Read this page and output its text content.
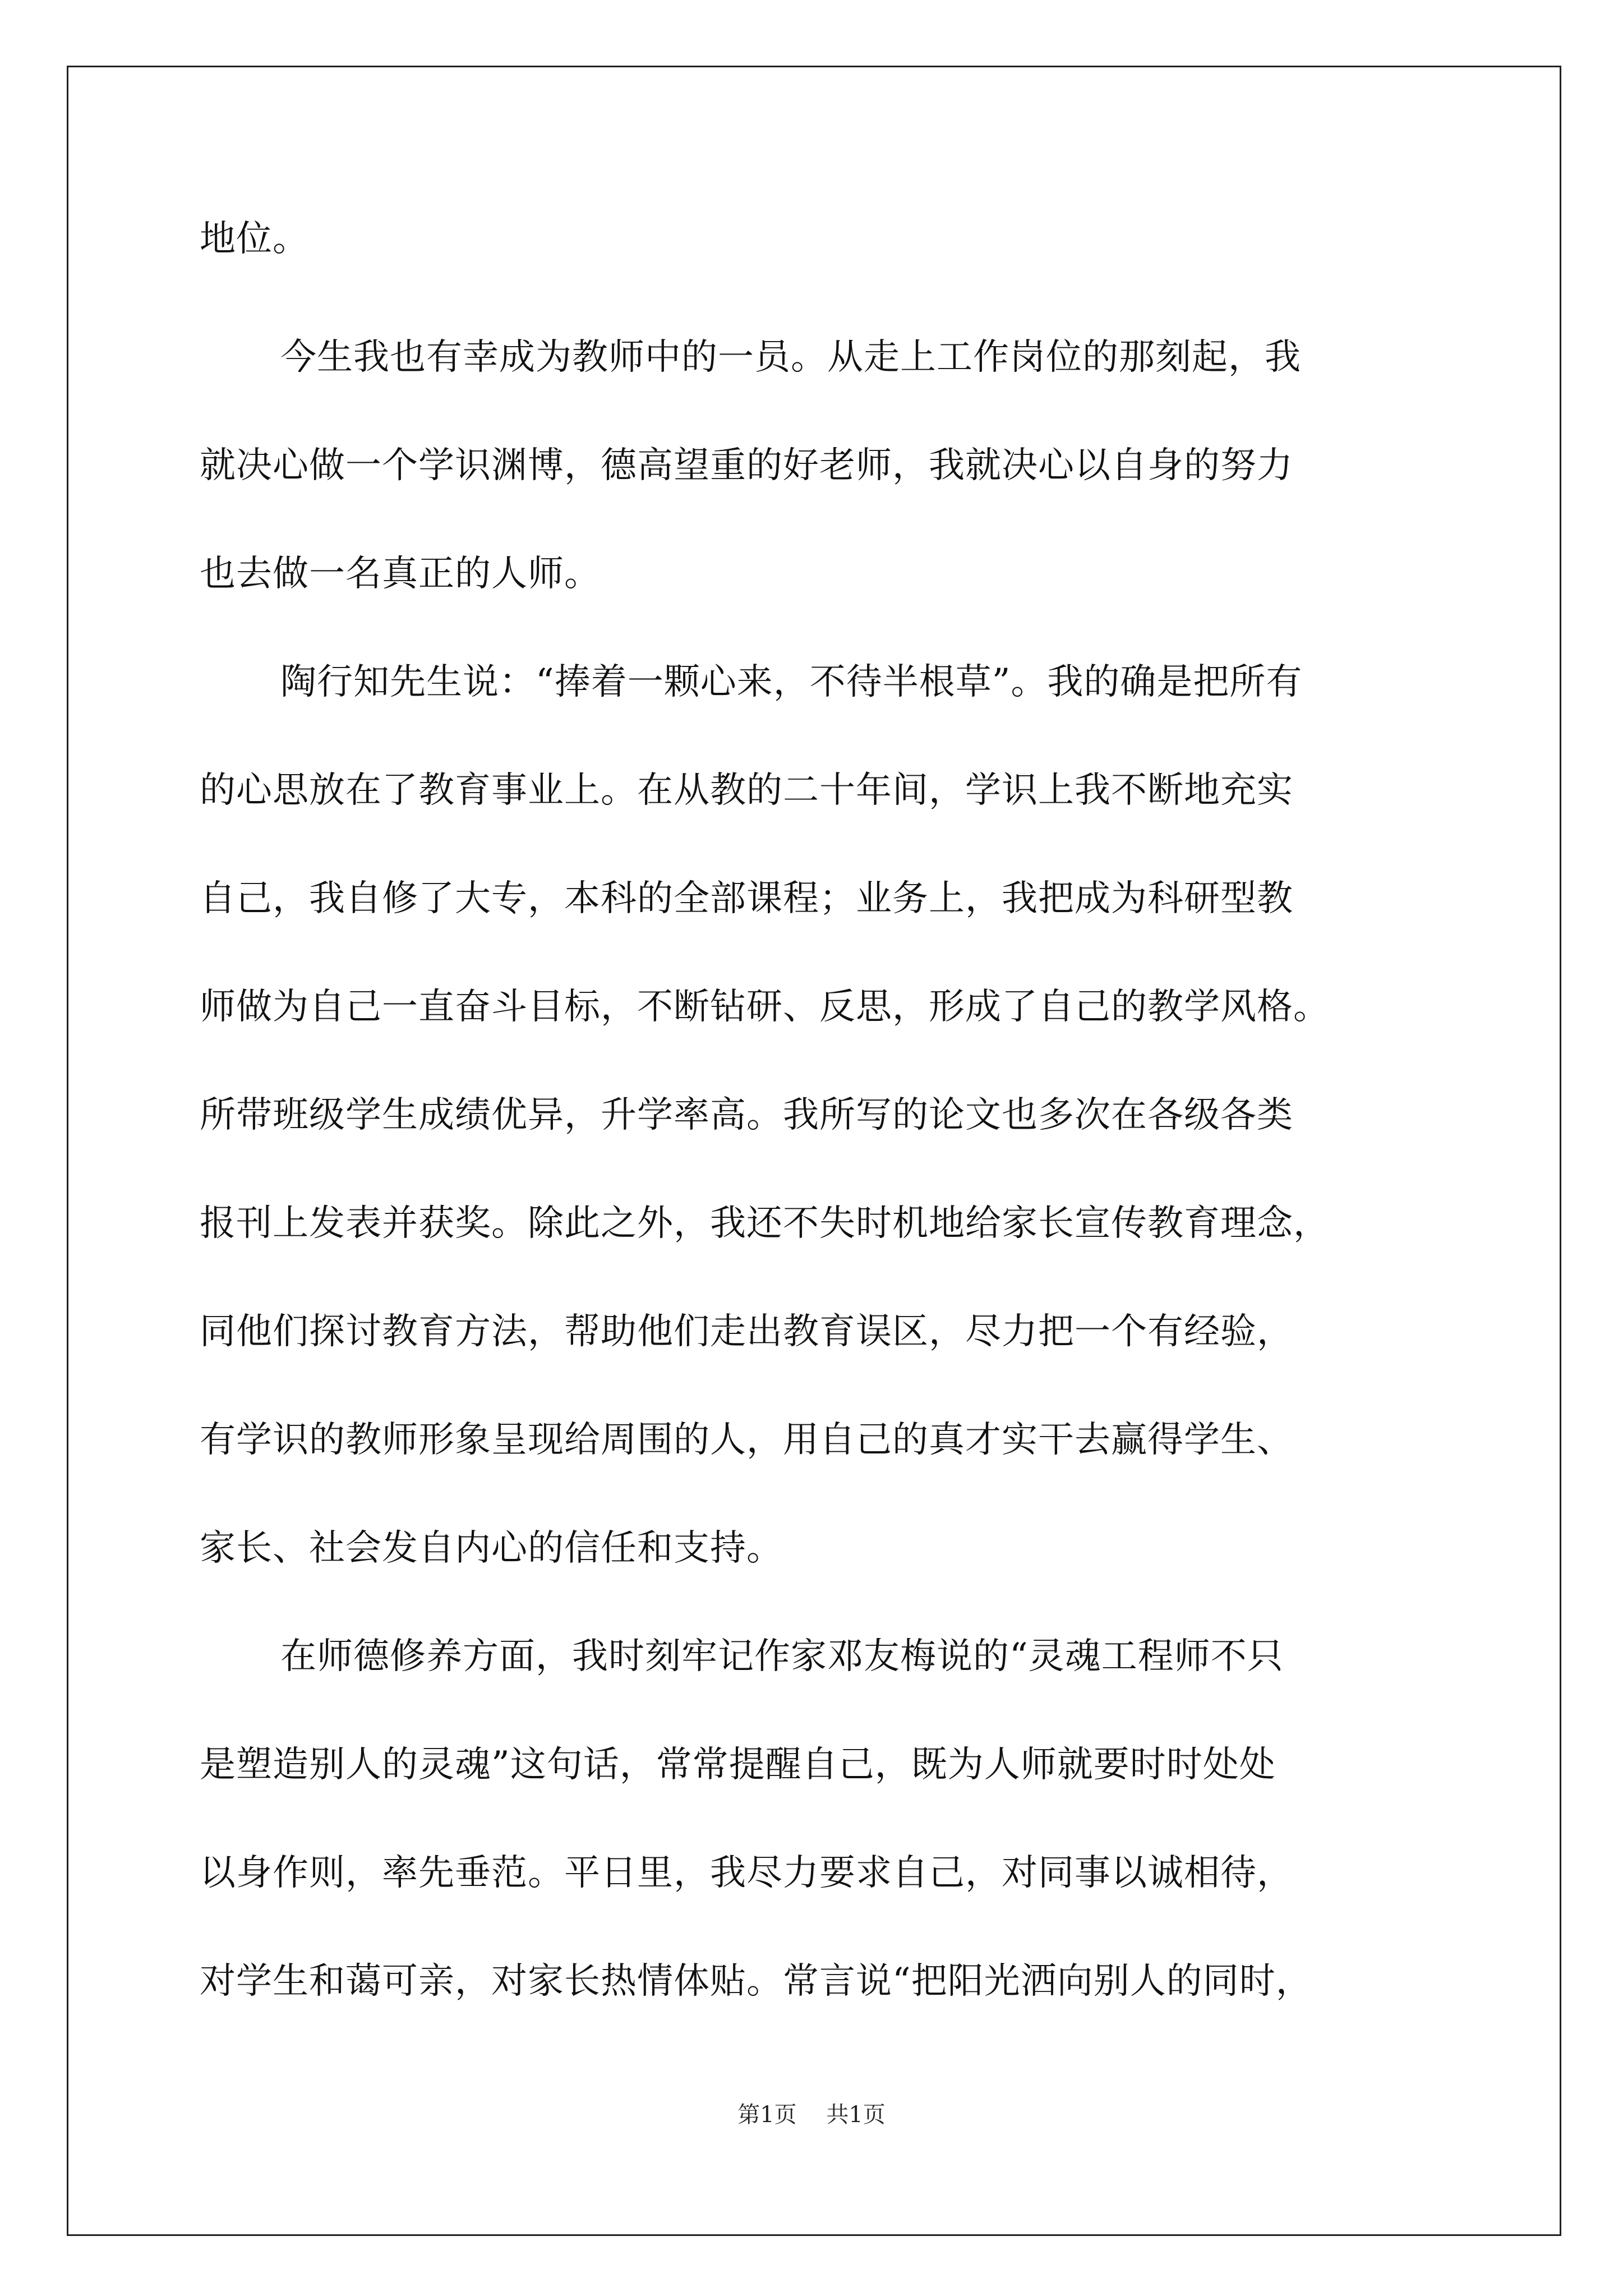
地位。
今生我也有幸成为教师中的一员。从走上工作岗位的那刻起，我
就决心做一个学识渊博，德高望重的好老师，我就决心以自身的努力
也去做一名真正的人师。
陶行知先生说：“捧着一颗心来，不待半根草”。我的确是把所有
的心思放在了教育事业上。在从教的二十年间，学识上我不断地充实
自己，我自修了大专，本科的全部课程；业务上，我把成为科研型教
师做为自己一直奋斗目标，不断钻研、反思，形成了自己的教学风格。
所带班级学生成绩优异，升学率高。我所写的论文也多次在各级各类
报刊上发表并获奖。除此之外，我还不失时机地给家长宣传教育理念，
同他们探讨教育方法，帮助他们走出教育误区，尽力把一个有经验，
有学识的教师形象呈现给周围的人，用自己的真才实干去赢得学生、
家长、社会发自内心的信任和支持。
在师德修养方面，我时刻牢记作家邓友梅说的“灵魂工程师不只
是塑造别人的灵魂”这句话，常常提醒自己，既为人师就要时时处处
以身作则，率先垂范。平日里，我尽力要求自己，对同事以诚相待，
对学生和蔼可亲，对家长热情体贴。常言说“把阳光洒向别人的同时，
第1页 共1页
